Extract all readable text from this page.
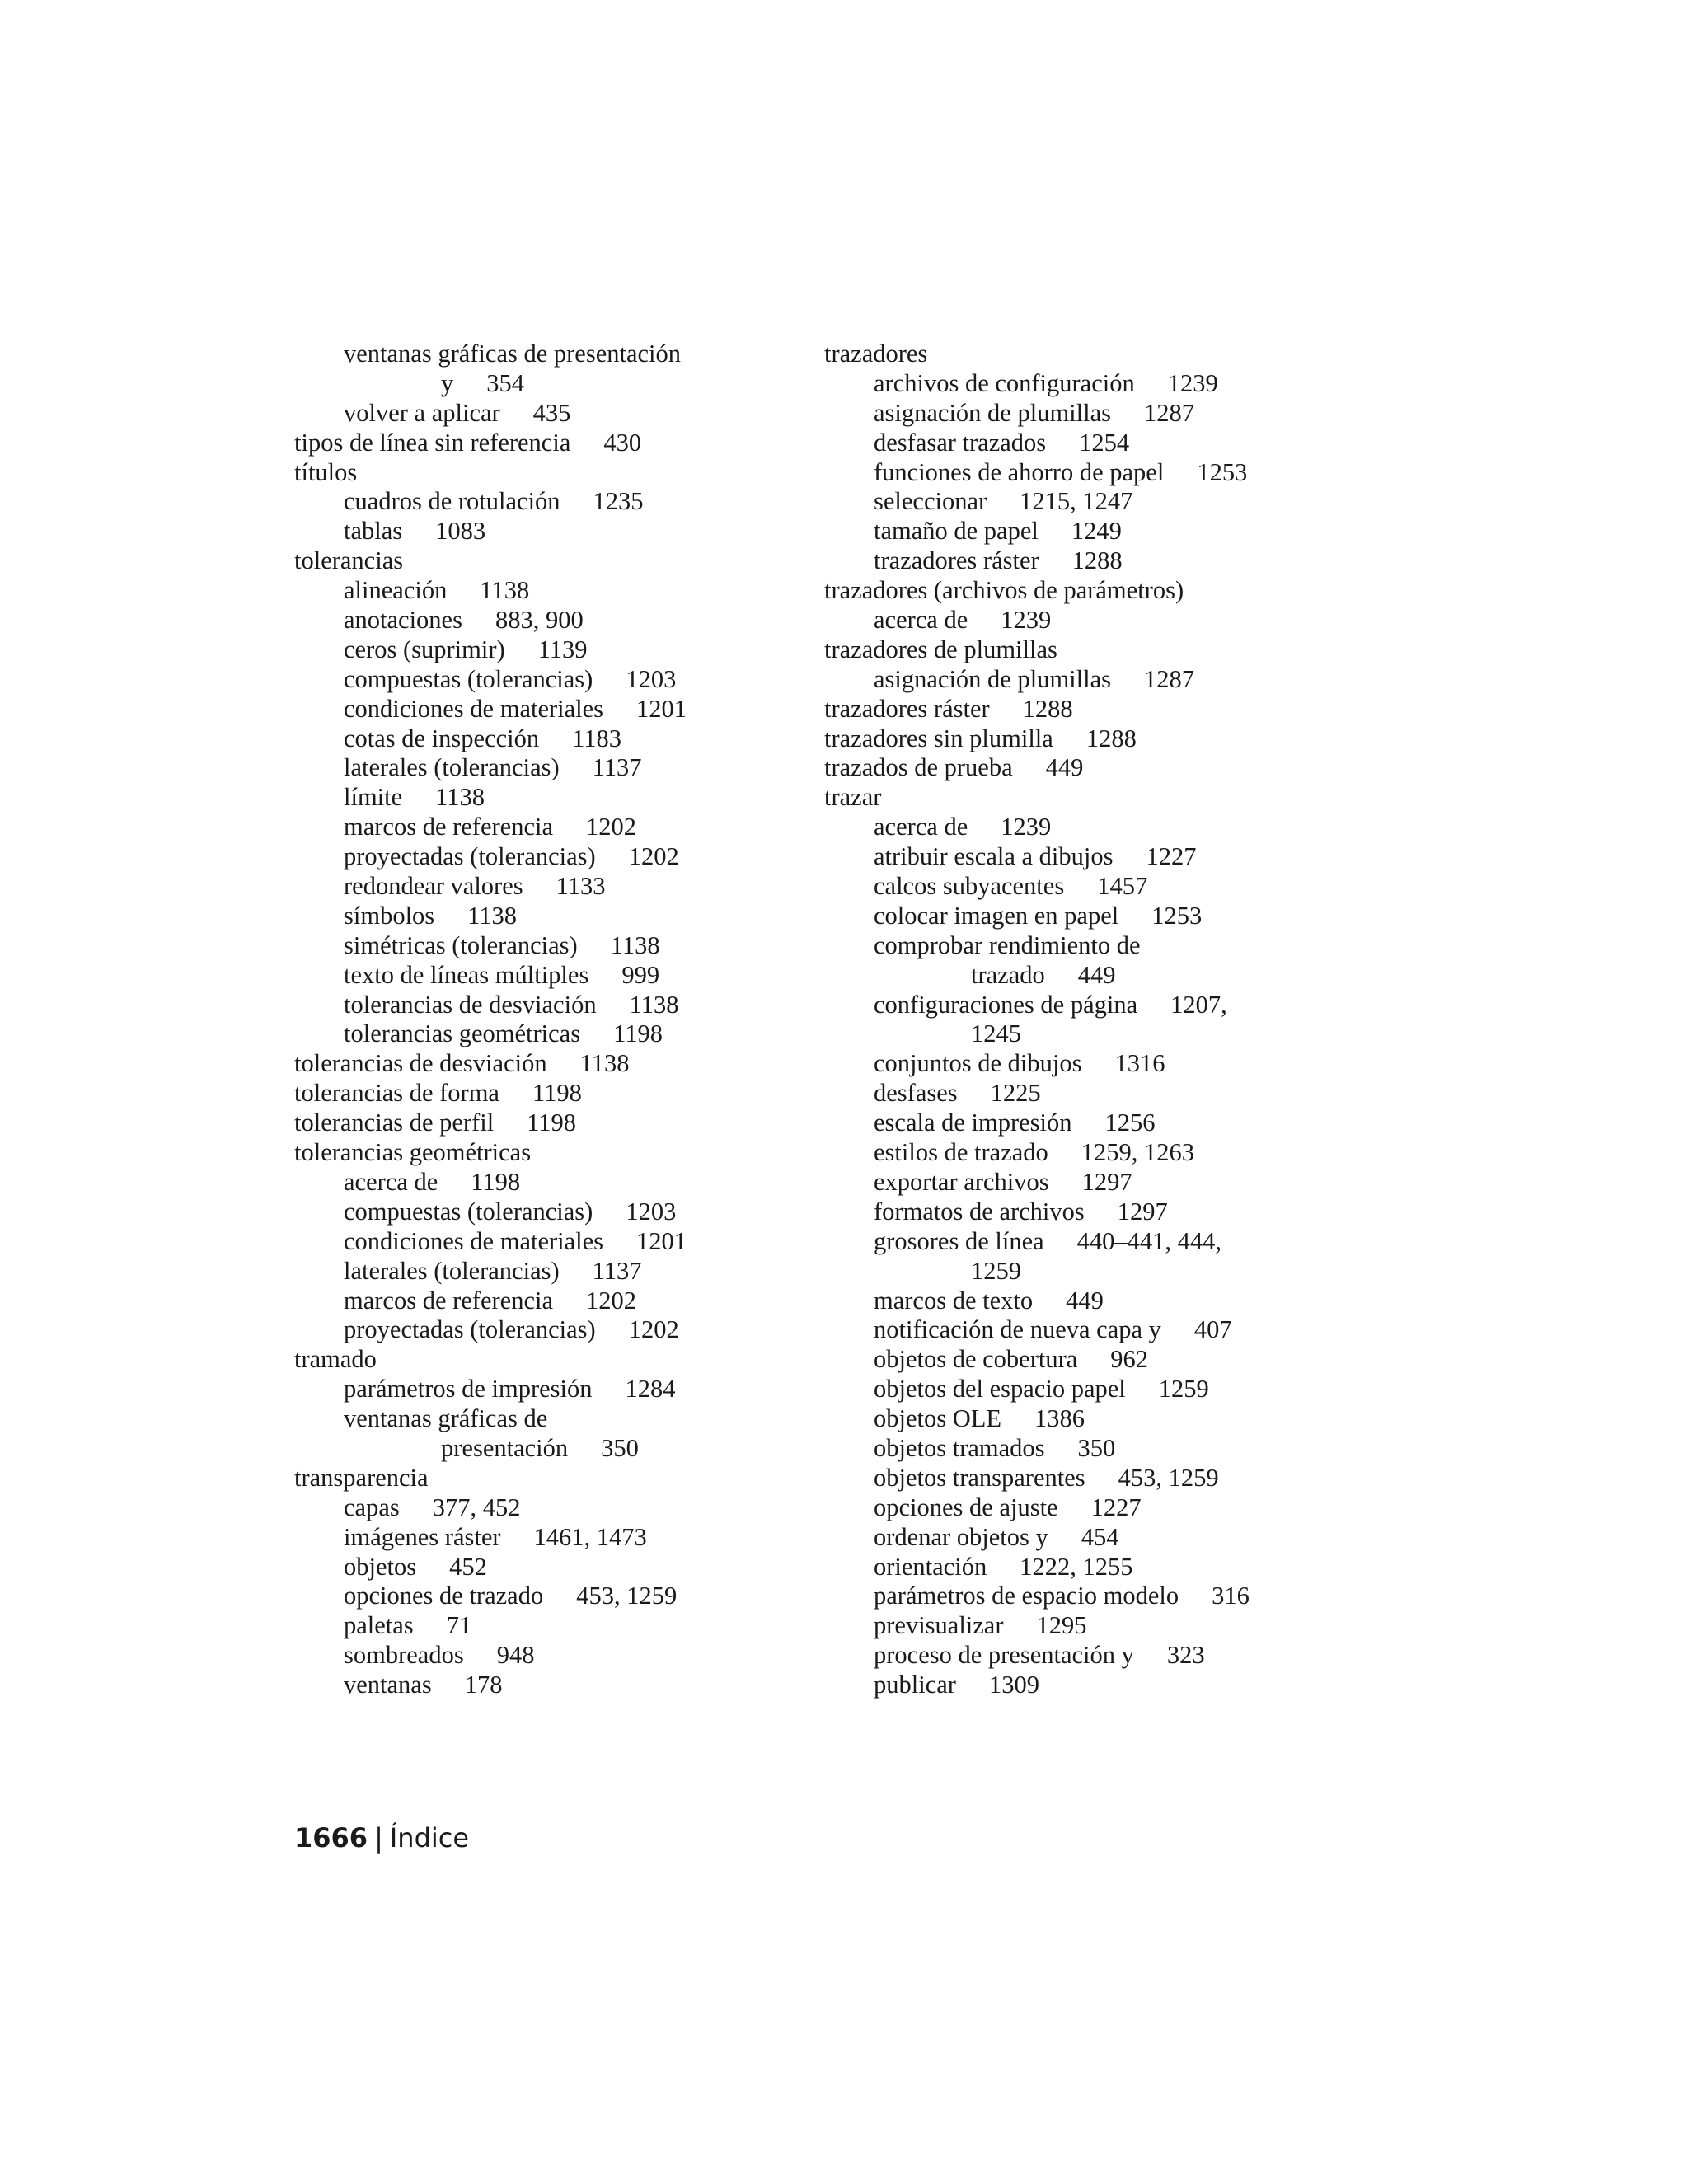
ventanas gráficas de presentación
y 354
volver a aplicar 435
tipos de línea sin referencia 430
títulos
cuadros de rotulación 1235
tablas 1083
tolerancias
alineación 1138
anotaciones 883, 900
ceros (suprimir) 1139
compuestas (tolerancias) 1203
condiciones de materiales 1201
cotas de inspección 1183
laterales (tolerancias) 1137
límite 1138
marcos de referencia 1202
proyectadas (tolerancias) 1202
redondear valores 1133
símbolos 1138
simétricas (tolerancias) 1138
texto de líneas múltiples 999
tolerancias de desviación 1138
tolerancias geométricas 1198
tolerancias de desviación 1138
tolerancias de forma 1198
tolerancias de perfil 1198
tolerancias geométricas
acerca de 1198
compuestas (tolerancias) 1203
condiciones de materiales 1201
laterales (tolerancias) 1137
marcos de referencia 1202
proyectadas (tolerancias) 1202
tramado
parámetros de impresión 1284
ventanas gráficas de
presentación 350
transparencia
capas 377, 452
imágenes ráster 1461, 1473
objetos 452
opciones de trazado 453, 1259
paletas 71
sombreados 948
ventanas 178
trazadores
archivos de configuración 1239
asignación de plumillas 1287
desfasar trazados 1254
funciones de ahorro de papel 1253
seleccionar 1215, 1247
tamaño de papel 1249
trazadores ráster 1288
trazadores (archivos de parámetros)
acerca de 1239
trazadores de plumillas
asignación de plumillas 1287
trazadores ráster 1288
trazadores sin plumilla 1288
trazados de prueba 449
trazar
acerca de 1239
atribuir escala a dibujos 1227
calcos subyacentes 1457
colocar imagen en papel 1253
comprobar rendimiento de
trazado 449
configuraciones de página 1207,
1245
conjuntos de dibujos 1316
desfases 1225
escala de impresión 1256
estilos de trazado 1259, 1263
exportar archivos 1297
formatos de archivos 1297
grosores de línea 440–441, 444,
1259
marcos de texto 449
notificación de nueva capa y 407
objetos de cobertura 962
objetos del espacio papel 1259
objetos OLE 1386
objetos tramados 350
objetos transparentes 453, 1259
opciones de ajuste 1227
ordenar objetos y 454
orientación 1222, 1255
parámetros de espacio modelo 316
previsualizar 1295
proceso de presentación y 323
publicar 1309
1666 | Índice
